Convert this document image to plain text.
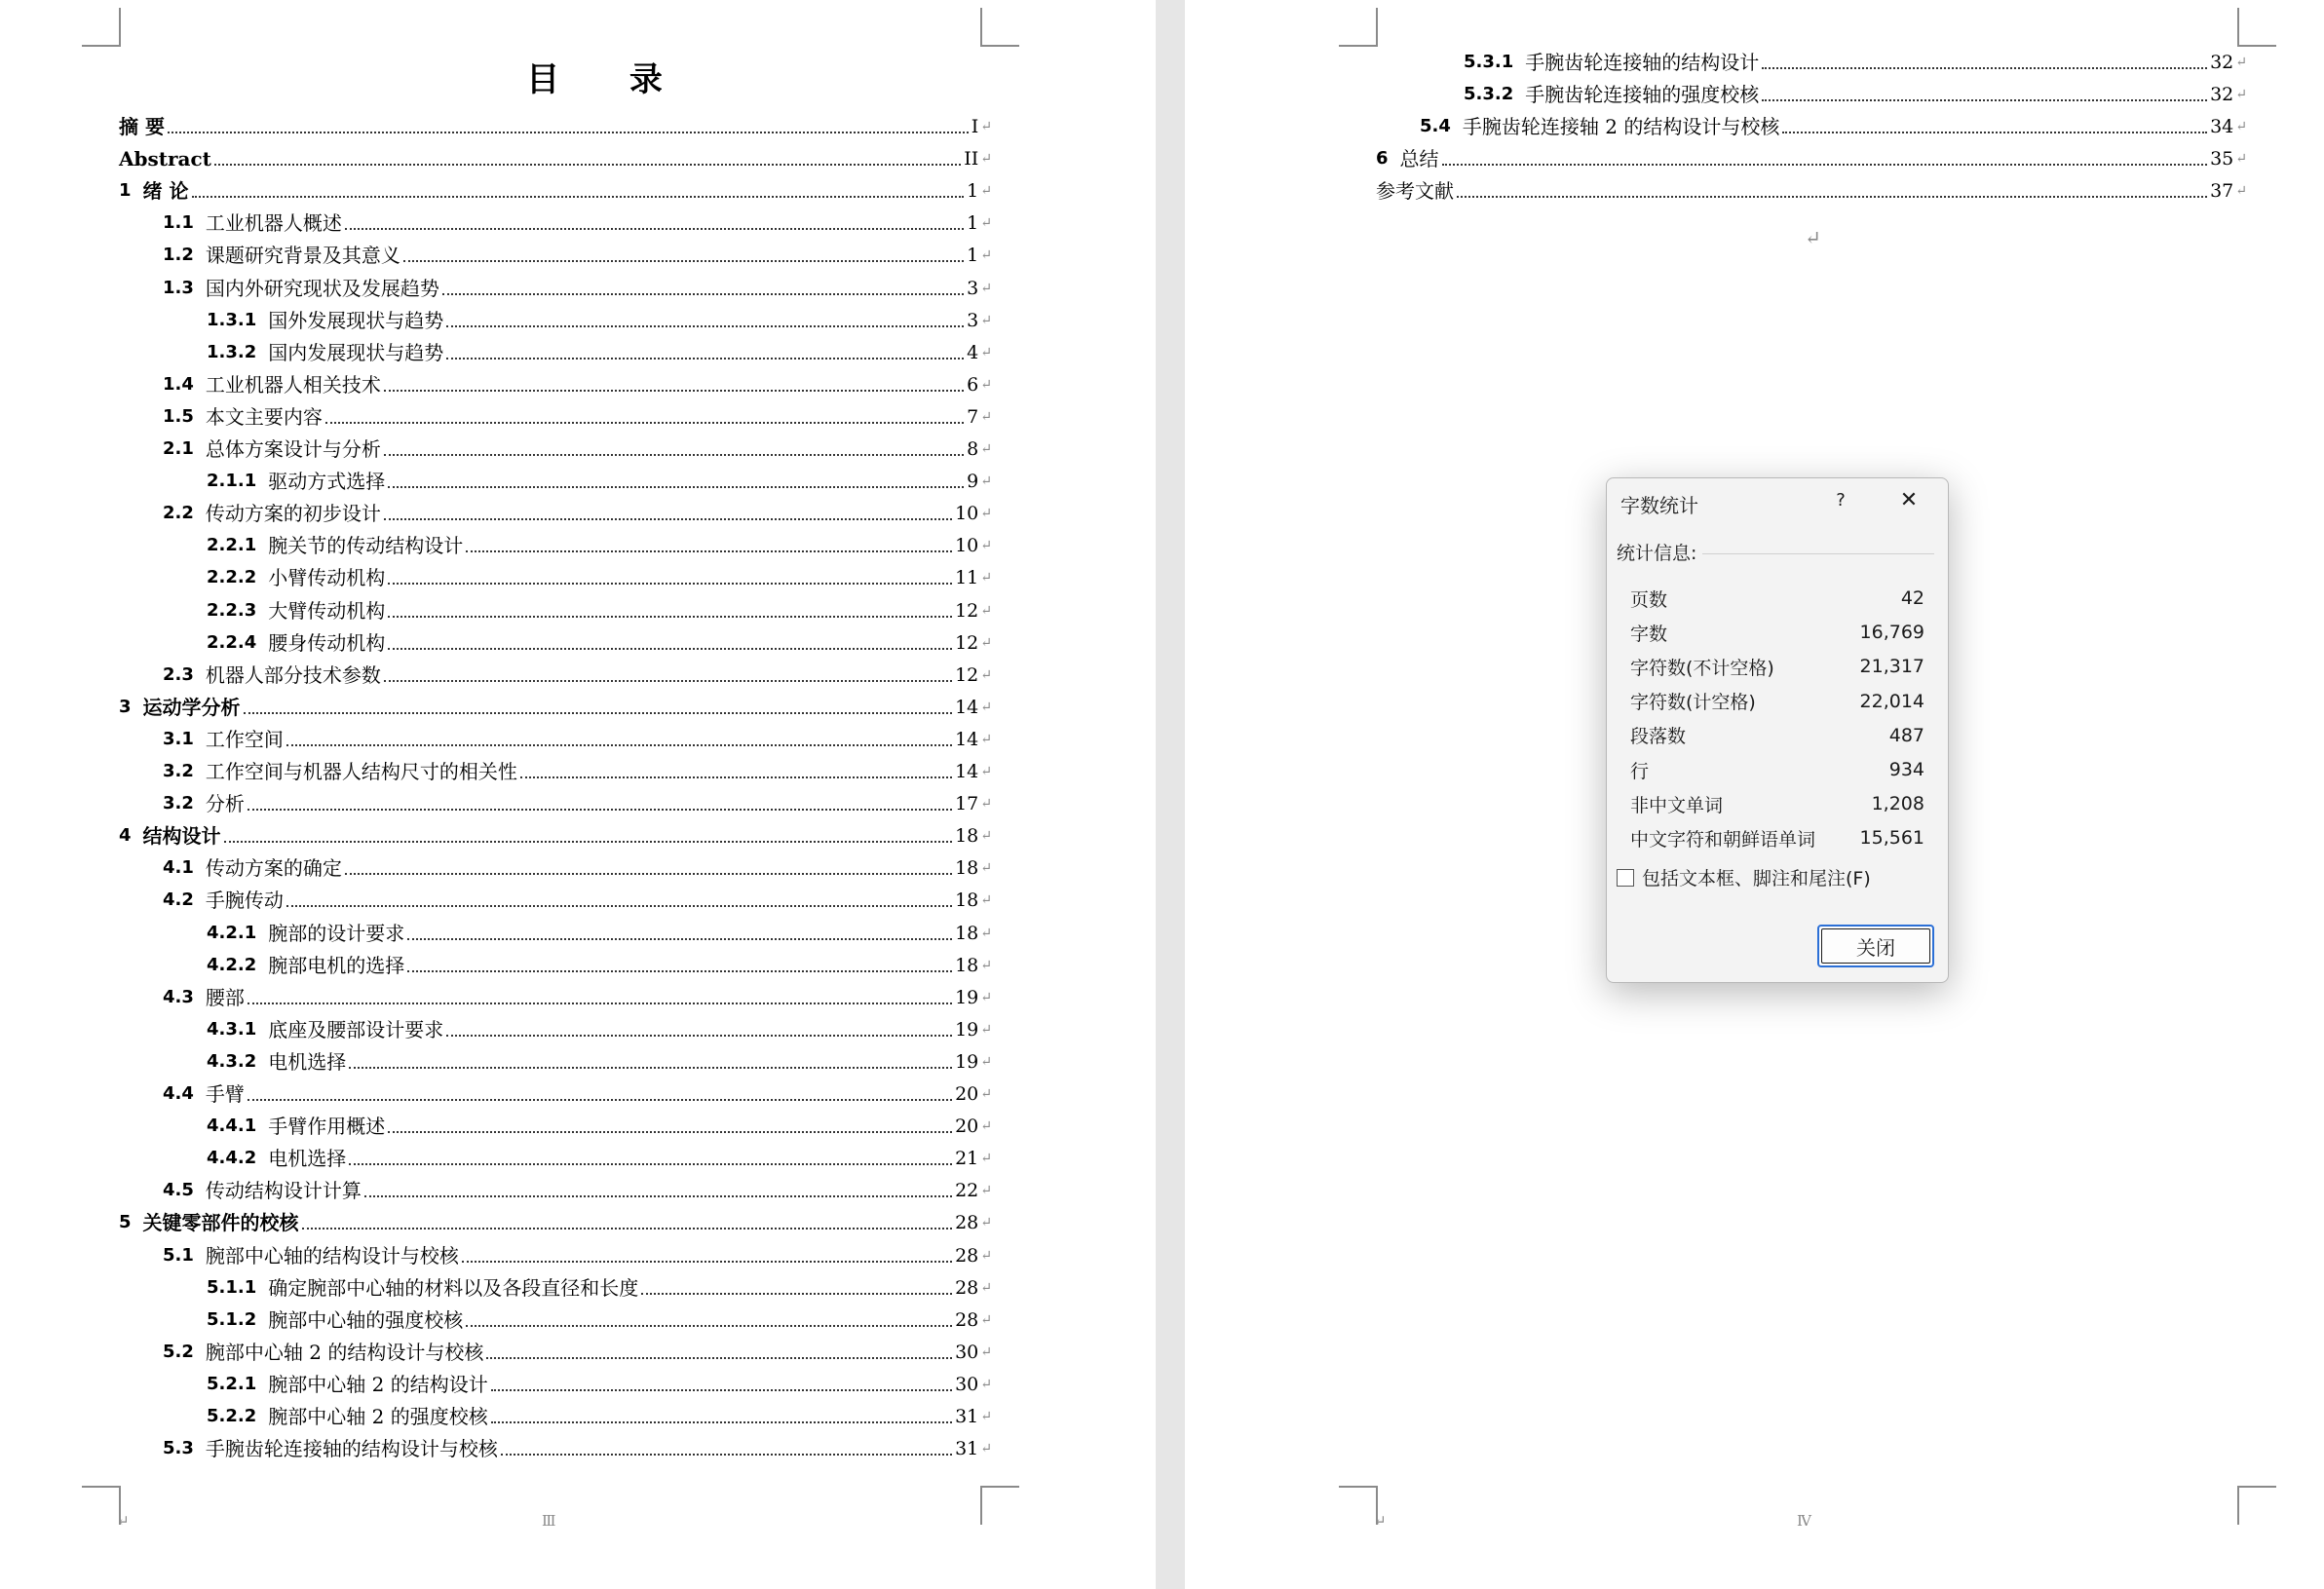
目 录
摘 要	I ↵
Abstract	II ↵
1 绪 论	1 ↵
1.1 工业机器人概述	1 ↵
1.2 课题研究背景及其意义	1 ↵
1.3 国内外研究现状及发展趋势	3 ↵
1.3.1 国外发展现状与趋势	3 ↵
1.3.2 国内发展现状与趋势	4 ↵
1.4 工业机器人相关技术	6 ↵
1.5 本文主要内容	7 ↵
2.1 总体方案设计与分析	8 ↵
2.1.1 驱动方式选择	9 ↵
2.2 传动方案的初步设计	10 ↵
2.2.1 腕关节的传动结构设计	10 ↵
2.2.2 小臂传动机构	11 ↵
2.2.3 大臂传动机构	12 ↵
2.2.4 腰身传动机构	12 ↵
2.3 机器人部分技术参数	12 ↵
3 运动学分析	14 ↵
3.1 工作空间	14 ↵
3.2 工作空间与机器人结构尺寸的相关性	14 ↵
3.2 分析	17 ↵
4 结构设计	18 ↵
4.1 传动方案的确定	18 ↵
4.2 手腕传动	18 ↵
4.2.1 腕部的设计要求	18 ↵
4.2.2 腕部电机的选择	18 ↵
4.3 腰部	19 ↵
4.3.1 底座及腰部设计要求	19 ↵
4.3.2 电机选择	19 ↵
4.4 手臂	20 ↵
4.4.1 手臂作用概述	20 ↵
4.4.2 电机选择	21 ↵
4.5 传动结构设计计算	22 ↵
5 关键零部件的校核	28 ↵
5.1 腕部中心轴的结构设计与校核	28 ↵
5.1.1 确定腕部中心轴的材料以及各段直径和长度	28 ↵
5.1.2 腕部中心轴的强度校核	28 ↵
5.2 腕部中心轴 2 的结构设计与校核	30 ↵
5.2.1 腕部中心轴 2 的结构设计	30 ↵
5.2.2 腕部中心轴 2 的强度校核	31 ↵
5.3 手腕齿轮连接轴的结构设计与校核	31 ↵
↵	Ⅲ
5.3.1 手腕齿轮连接轴的结构设计	32 ↵
5.3.2 手腕齿轮连接轴的强度校核	32 ↵
5.4 手腕齿轮连接轴 2 的结构设计与校核	34 ↵
6 总结	35 ↵
参考文献	37 ↵
↵
↵	Ⅳ
字数统计	?	✕
统计信息:
页数	42
字数	16,769
字符数(不计空格)	21,317
字符数(计空格)	22,014
段落数	487
行	934
非中文单词	1,208
中文字符和朝鲜语单词 15,561
包括文本框、脚注和尾注(F)
关闭
